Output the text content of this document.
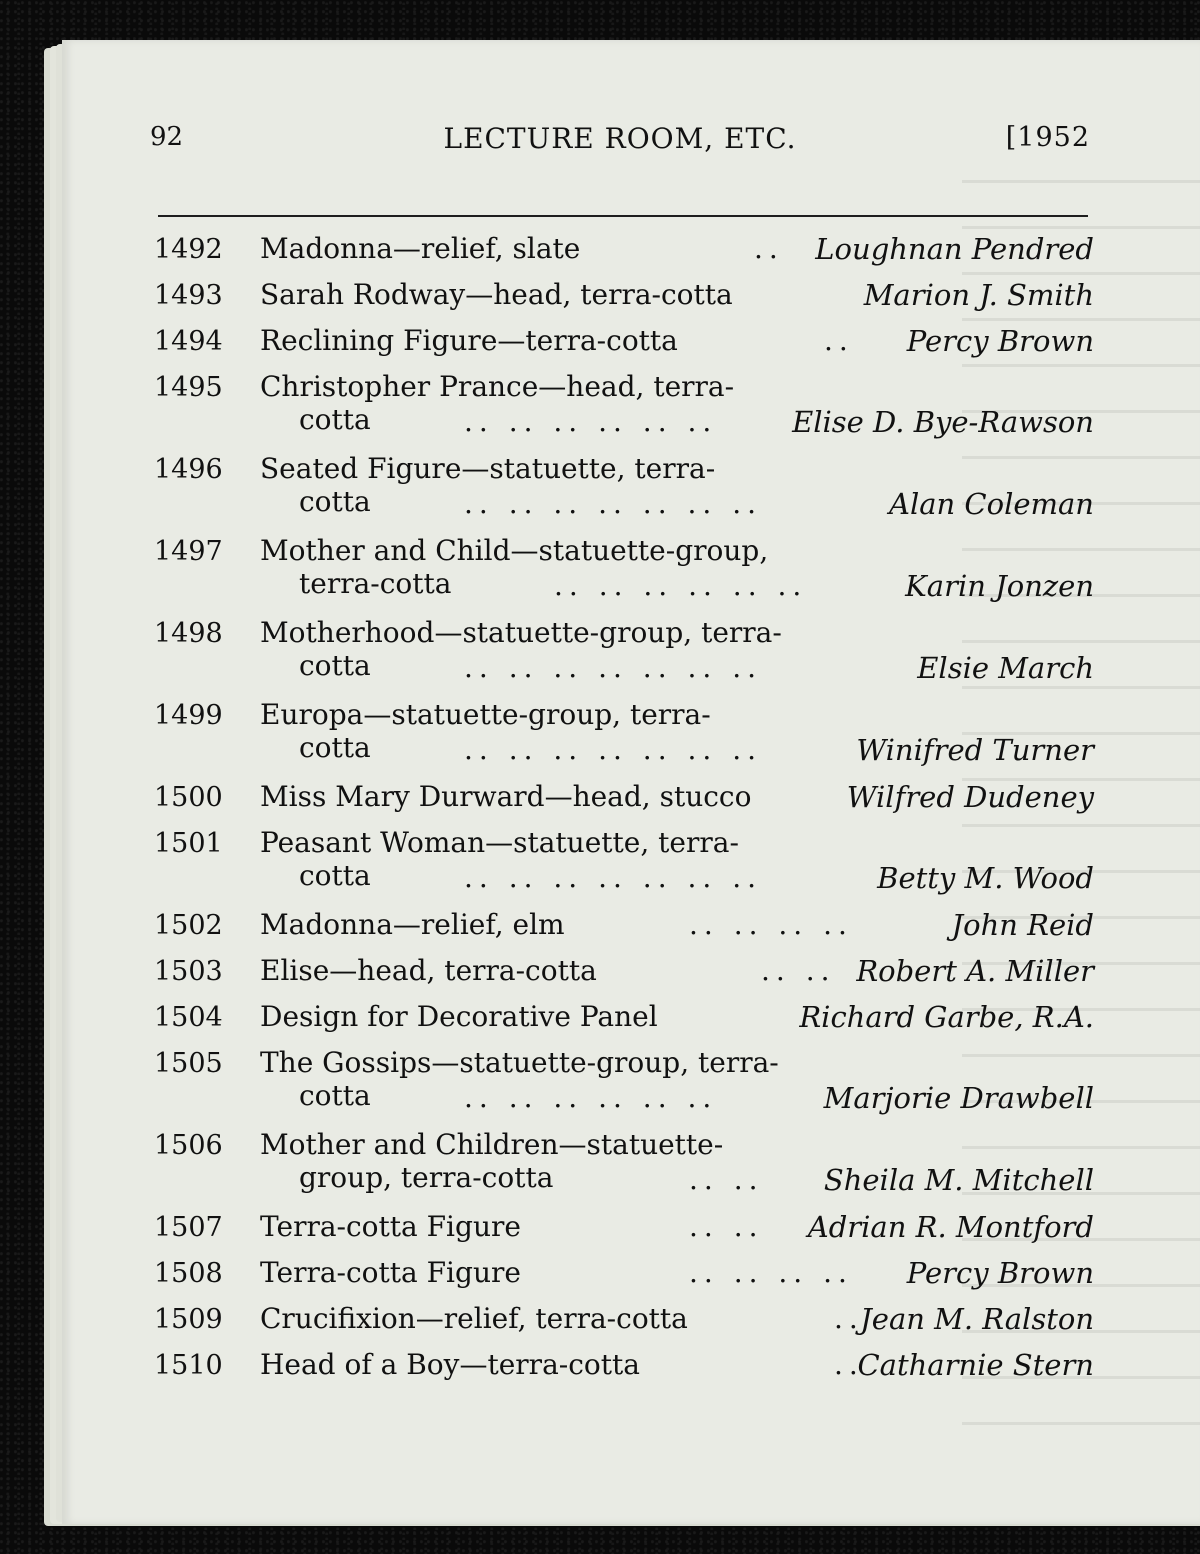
92	LECTURE ROOM, ETC.	[1952
1492 Madonna—relief, slate	.. Loughnan Pendred
1493 Sarah Rodway—head, terra-cotta	Marion J. Smith
1494 Reclining Figure—terra-cotta	.. Percy Brown
1495 Christopher Prance—head, terra-
cotta	.. .. .. .. .. ..	Elise D. Bye-Rawson
1496 Seated Figure—statuette, terra-
cotta	.. .. .. .. .. .. ..	Alan Coleman
1497 Mother and Child—statuette-group,
terra-cotta	.. .. .. .. .. ..	Karin Jonzen
1498 Motherhood—statuette-group, terra-
cotta	.. .. .. .. .. .. ..	Elsie March
1499 Europa—statuette-group, terra-
cotta	.. .. .. .. .. .. ..	Winifred Turner
1500 Miss Mary Durward—head, stucco	Wilfred Dudeney
1501 Peasant Woman—statuette, terra-
cotta	.. .. .. .. .. .. ..	Betty M. Wood
1502 Madonna—relief, elm	.. .. .. ..	John Reid
1503 Elise—head, terra-cotta	.. .. Robert A. Miller
1504 Design for Decorative Panel	Richard Garbe, R.A.
1505 The Gossips—statuette-group, terra-
cotta	.. .. .. .. .. ..	Marjorie Drawbell
1506 Mother and Children—statuette-
group, terra-cotta	.. .. Sheila M. Mitchell
1507 Terra-cotta Figure	.. .. Adrian R. Montford
1508 Terra-cotta Figure	.. .. .. .. Percy Brown
1509 Crucifixion—relief, terra-cotta	..
Jean M. Ralston
1510 Head of a Boy—terra-cotta	..
Catharnie Stern
